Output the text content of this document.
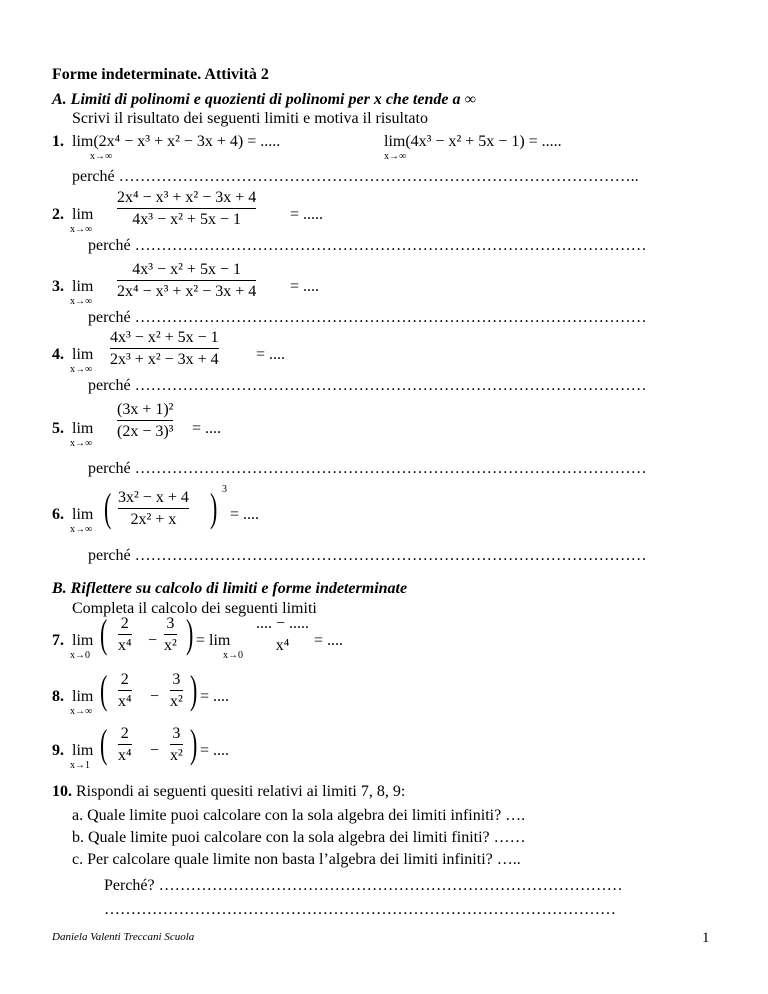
Forme indeterminate. Attività 2
A. Limiti di polinomi e quozienti di polinomi per x che tende a ∞
Scrivi il risultato dei seguenti limiti e motiva il risultato
1. lim(2x⁴ − x³ + x² − 3x + 4) = .....
x→∞
lim(4x³ − x² + 5x − 1) = .....
x→∞
perché ……………………………………………………………………………………..
2. lim
x→∞
2x⁴ − x³ + x² − 3x + 4
4x³ − x² + 5x − 1	= .....
perché ……………………………………………………………………………………
3. lim
x→∞
4x³ − x² + 5x − 1
2x⁴ − x³ + x² − 3x + 4 = ....
perché ……………………………………………………………………………………
4. lim
x→∞
4x³ − x² + 5x − 1
2x³ + x² − 3x + 4 = ....
perché ……………………………………………………………………………………
5. lim
x→∞
(3x + 1)²
(2x − 3)³ = ....
perché ……………………………………………………………………………………
6. lim
x→∞ ( 3x² − x + 4
2x² + x ) 3
= ....
perché ……………………………………………………………………………………
B. Riflettere su calcolo di limiti e forme indeterminate
Completa il calcolo dei seguenti limiti
7. lim
x→0 ( 2
x⁴ −
3
x² ) = lim
x→0
.... − .....
x⁴ = ....
8. lim
x→∞ ( 2
x⁴ −
3
x² ) = ....
9. lim
x→1 ( 2
x⁴ −
3
x² ) = ....
10. Rispondi ai seguenti quesiti relativi ai limiti 7, 8, 9:
a. Quale limite puoi calcolare con la sola algebra dei limiti infiniti? ….
b. Quale limite puoi calcolare con la sola algebra dei limiti finiti? ……
c. Per calcolare quale limite non basta l’algebra dei limiti infiniti? …..
Perché? ……………………………………………………………………………
……………………………………………………………………………………
Daniela Valenti Treccani Scuola	1
